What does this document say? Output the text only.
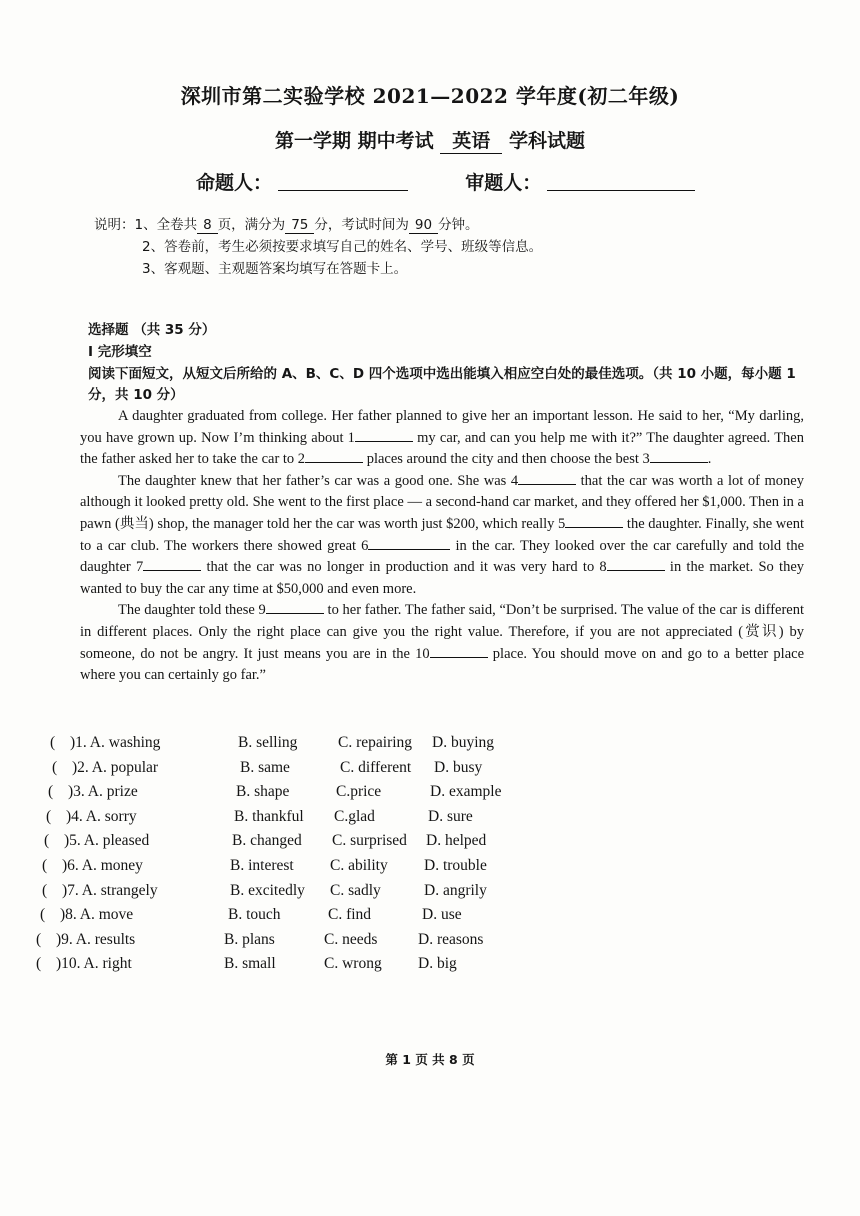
深圳市第二实验学校 2021—2022 学年度(初二年级)
第一学期 期中考试 英语 学科试题
命题人：	审题人：
说明：1、全卷共 8 页，满分为 75 分，考试时间为 90 分钟。
2、答卷前，考生必须按要求填写自己的姓名、学号、班级等信息。
3、客观题、主观题答案均填写在答题卡上。
选择题 （共 35 分）
I 完形填空
阅读下面短文，从短文后所给的 A、B、C、D 四个选项中选出能填入相应空白处的最佳选项。（共 10 小题，每小题 1 分，共 10 分）

A daughter graduated from college. Her father planned to give her an important lesson. He said to her, “My darling, you have grown up. Now I’m thinking about 1	my car, and can you help me with it?” The daughter agreed. Then the father asked her to take the car to 2	places around the city and then choose the best 3	.

The daughter knew that her father’s car was a good one. She was 4	that the car was worth a lot of money although it looked pretty old. She went to the first place — a second-hand car market, and they offered her $1,000. Then in a pawn (典当) shop, the manager told her the car was worth just $200, which really 5	the daughter. Finally, she went to a car club. The workers there showed great 6	in the car. They looked over the car carefully and told the daughter 7	that the car was no longer in production and it was very hard to 8	in the market. So they wanted to buy the car any time at $50,000 and even more.

The daughter told these 9	to her father. The father said, “Don’t be surprised. The value of the car is different in different places. Only the right place can give you the right value. Therefore, if you are not appreciated (赏识) by someone, do not be angry. It just means you are in the 10	place. You should move on and go to a better place where you can certainly go far.”

( )1. A. washing	B. selling	C. repairing D. buying
( )2. A. popular	B. same	C. different D. busy
( )3. A. prize	B. shape	C.price	D. example
( )4. A. sorry	B. thankful C.glad	D. sure
( )5. A. pleased	B. changed C. surprised D. helped
( )6. A. money	B. interest C. ability D. trouble
( )7. A. strangely	B. excitedly C. sadly	D. angrily
( )8. A. move	B. touch	C. find	D. use
( )9. A. results	B. plans	C. needs	D. reasons
( )10. A. right	B. small	C. wrong D. big
第 1 页 共 8 页
